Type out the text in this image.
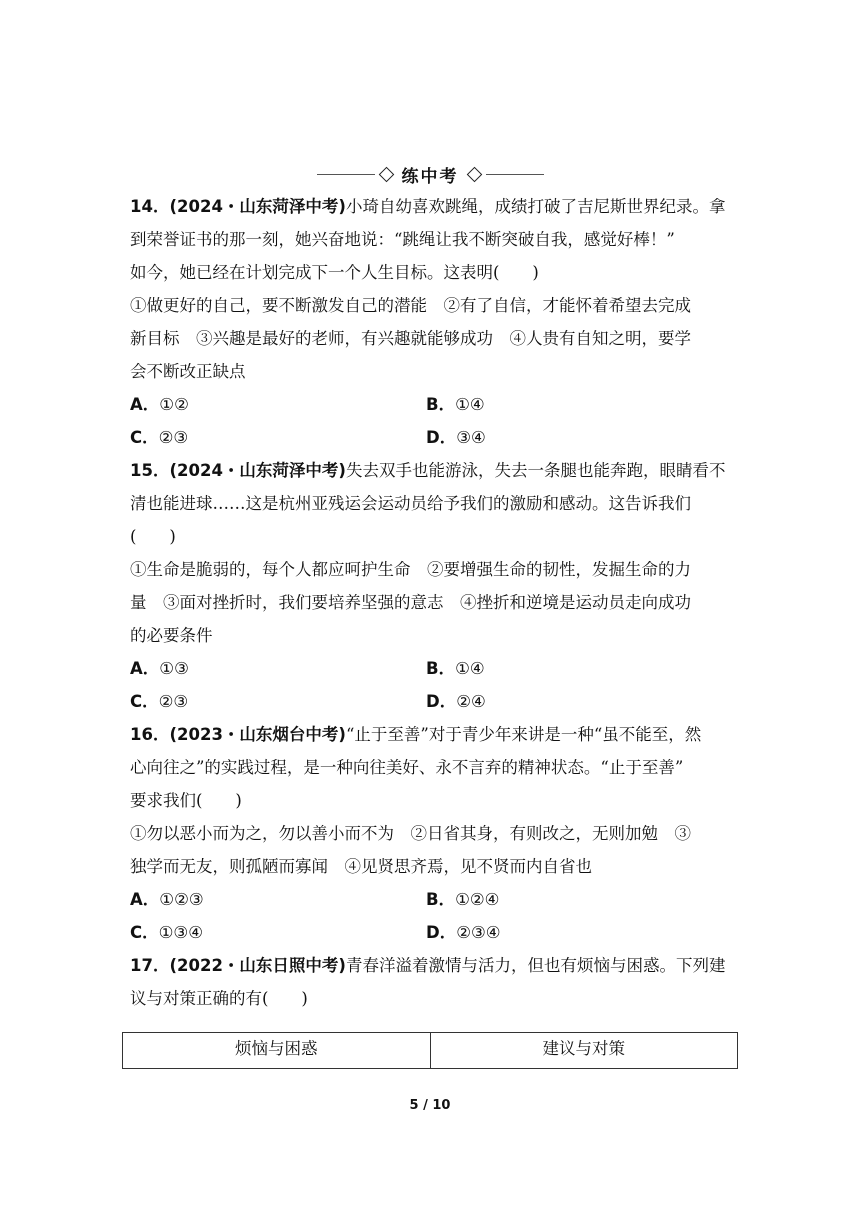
练中考
14．(2024・山东菏泽中考)小琦自幼喜欢跳绳，成绩打破了吉尼斯世界纪录。拿
到荣誉证书的那一刻，她兴奋地说：“跳绳让我不断突破自我，感觉好棒！”
如今，她已经在计划完成下一个人生目标。这表明(　　)
①做更好的自己，要不断激发自己的潜能　②有了自信，才能怀着希望去完成
新目标　③兴趣是最好的老师，有兴趣就能够成功　④人贵有自知之明，要学
会不断改正缺点
A．①②	B．①④
C．②③	D．③④
15．(2024・山东菏泽中考)失去双手也能游泳，失去一条腿也能奔跑，眼睛看不
清也能进球……这是杭州亚残运会运动员给予我们的激励和感动。这告诉我们
(　　)
①生命是脆弱的，每个人都应呵护生命　②要增强生命的韧性，发掘生命的力
量　③面对挫折时，我们要培养坚强的意志　④挫折和逆境是运动员走向成功
的必要条件
A．①③	B．①④
C．②③	D．②④
16．(2023・山东烟台中考)“止于至善”对于青少年来讲是一种“虽不能至，然
心向往之”的实践过程，是一种向往美好、永不言弃的精神状态。“止于至善”
要求我们(　　)
①勿以恶小而为之，勿以善小而不为　②日省其身，有则改之，无则加勉　③
独学而无友，则孤陋而寡闻　④见贤思齐焉，见不贤而内自省也
A．①②③	B．①②④
C．①③④	D．②③④
17．(2022・山东日照中考)青春洋溢着激情与活力，但也有烦恼与困惑。下列建
议与对策正确的有(　　)
烦恼与困惑	建议与对策
5 / 10
